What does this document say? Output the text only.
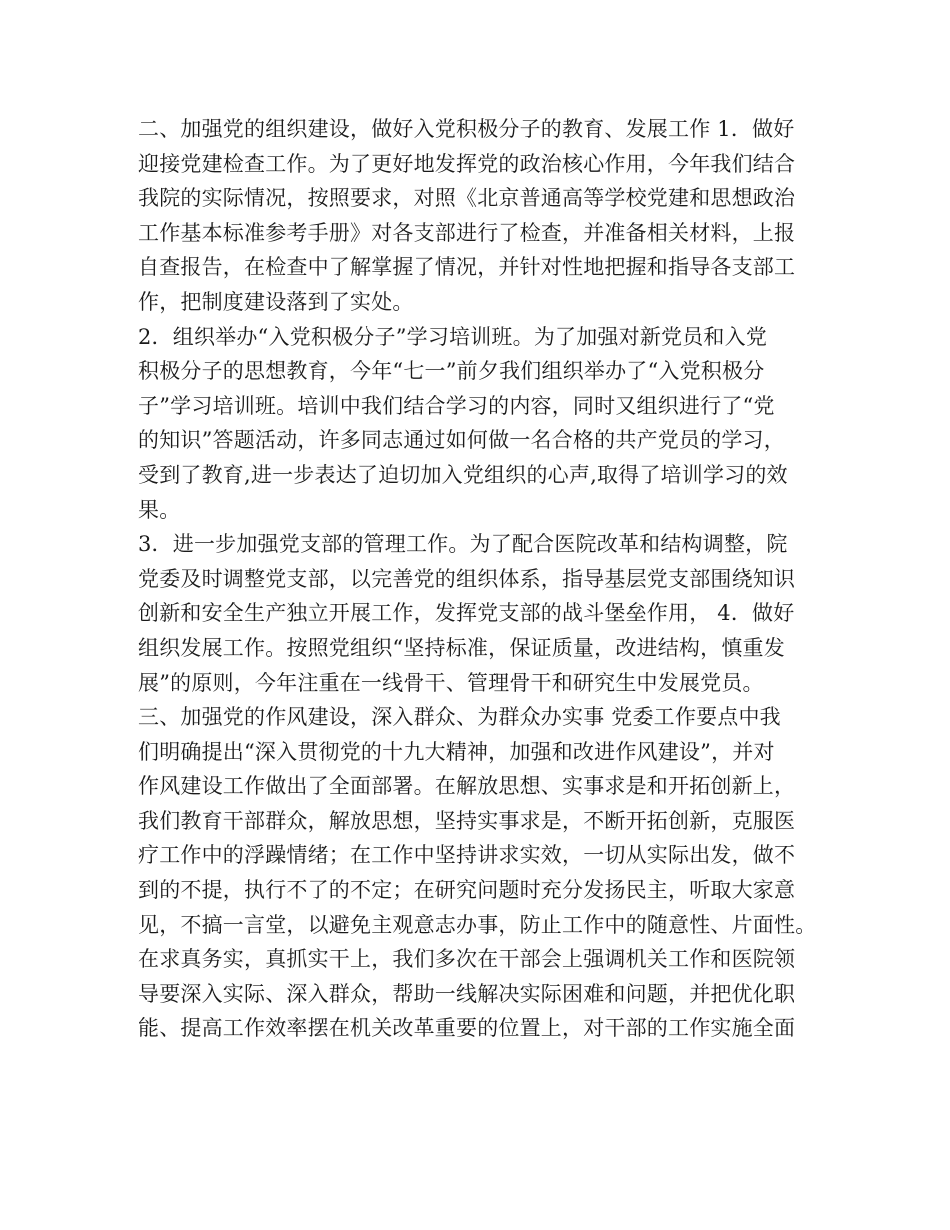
二、加强党的组织建设，做好入党积极分子的教育、发展工作 1．做好
迎接党建检查工作。为了更好地发挥党的政治核心作用，今年我们结合
我院的实际情况，按照要求，对照《北京普通高等学校党建和思想政治
工作基本标准参考手册》对各支部进行了检查，并准备相关材料，上报
自查报告，在检查中了解掌握了情况，并针对性地把握和指导各支部工
作，把制度建设落到了实处。
2．组织举办“入党积极分子”学习培训班。为了加强对新党员和入党
积极分子的思想教育，今年“七一”前夕我们组织举办了“入党积极分
子”学习培训班。培训中我们结合学习的内容，同时又组织进行了“党
的知识”答题活动，许多同志通过如何做一名合格的共产党员的学习，
受到了教育,进一步表达了迫切加入党组织的心声,取得了培训学习的效
果。
3．进一步加强党支部的管理工作。为了配合医院改革和结构调整，院
党委及时调整党支部，以完善党的组织体系，指导基层党支部围绕知识
创新和安全生产独立开展工作，发挥党支部的战斗堡垒作用， 4．做好
组织发展工作。按照党组织“坚持标准，保证质量，改进结构，慎重发
展”的原则，今年注重在一线骨干、管理骨干和研究生中发展党员。
三、加强党的作风建设，深入群众、为群众办实事 党委工作要点中我
们明确提出“深入贯彻党的十九大精神，加强和改进作风建设”，并对
作风建设工作做出了全面部署。在解放思想、实事求是和开拓创新上，
我们教育干部群众，解放思想，坚持实事求是，不断开拓创新，克服医
疗工作中的浮躁情绪；在工作中坚持讲求实效，一切从实际出发，做不
到的不提，执行不了的不定；在研究问题时充分发扬民主，听取大家意
见，不搞一言堂，以避免主观意志办事，防止工作中的随意性、片面性。
在求真务实，真抓实干上，我们多次在干部会上强调机关工作和医院领
导要深入实际、深入群众，帮助一线解决实际困难和问题，并把优化职
能、提高工作效率摆在机关改革重要的位置上，对干部的工作实施全面
